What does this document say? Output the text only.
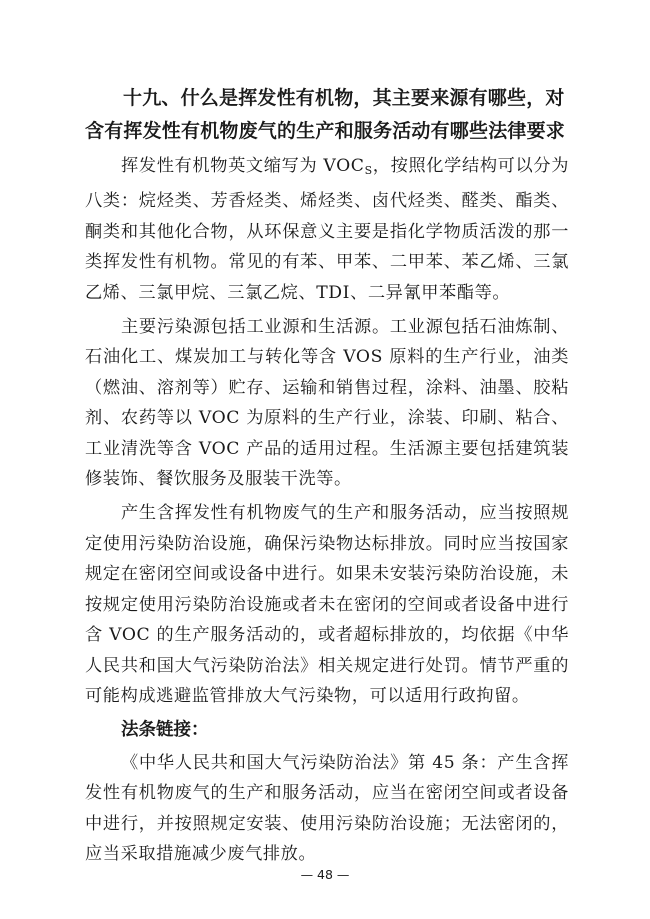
十九、什么是挥发性有机物，其主要来源有哪些，对含有挥发性有机物废气的生产和服务活动有哪些法律要求

挥发性有机物英文缩写为 $VOC_S$，按照化学结构可以分为八类：烷烃类、芳香烃类、烯烃类、卤代烃类、醛类、酯类、酮类和其他化合物，从环保意义主要是指化学物质活泼的那一类挥发性有机物。常见的有苯、甲苯、二甲苯、苯乙烯、三氯乙烯、三氯甲烷、三氯乙烷、TDI、二异氰甲苯酯等。

主要污染源包括工业源和生活源。工业源包括石油炼制、石油化工、煤炭加工与转化等含 VOS 原料的生产行业，油类（燃油、溶剂等）贮存、运输和销售过程，涂料、油墨、胶粘剂、农药等以 VOC 为原料的生产行业，涂装、印刷、粘合、工业清洗等含 VOC 产品的适用过程。生活源主要包括建筑装修装饰、餐饮服务及服装干洗等。

产生含挥发性有机物废气的生产和服务活动，应当按照规定使用污染防治设施，确保污染物达标排放。同时应当按国家规定在密闭空间或设备中进行。如果未安装污染防治设施，未按规定使用污染防治设施或者未在密闭的空间或者设备中进行含 VOC 的生产服务活动的，或者超标排放的，均依据《中华人民共和国大气污染防治法》相关规定进行处罚。情节严重的可能构成逃避监管排放大气污染物，可以适用行政拘留。

法条链接：

《中华人民共和国大气污染防治法》第 45 条：产生含挥发性有机物废气的生产和服务活动，应当在密闭空间或者设备中进行，并按照规定安装、使用污染防治设施；无法密闭的，应当采取措施减少废气排放。

— 48 —
